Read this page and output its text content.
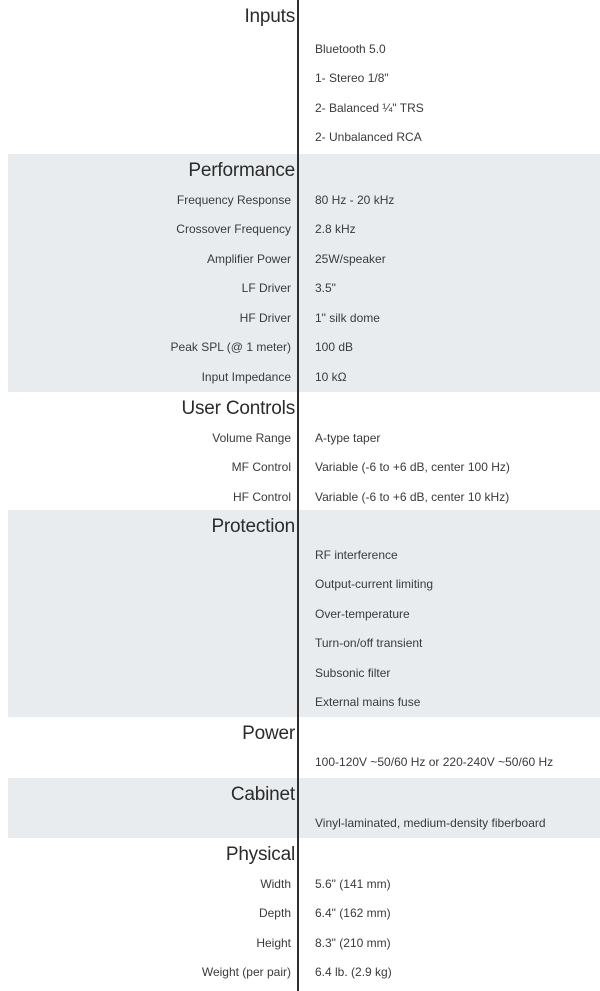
Inputs
Bluetooth 5.0
1- Stereo 1/8"
2- Balanced ¼" TRS
2- Unbalanced RCA
Performance
Frequency Response 80 Hz - 20 kHz
Crossover Frequency 2.8 kHz
Amplifier Power 25W/speaker
LF Driver 3.5"
HF Driver 1" silk dome
Peak SPL (@ 1 meter) 100 dB
Input Impedance 10 kΩ
User Controls
Volume Range A-type taper
MF Control Variable (-6 to +6 dB, center 100 Hz)
HF Control Variable (-6 to +6 dB, center 10 kHz)
Protection
RF interference
Output-current limiting
Over-temperature
Turn-on/off transient
Subsonic filter
External mains fuse
Power
100-120V ~50/60 Hz or 220-240V ~50/60 Hz
Cabinet
Vinyl-laminated, medium-density fiberboard
Physical
Width 5.6" (141 mm)
Depth 6.4" (162 mm)
Height 8.3" (210 mm)
Weight (per pair) 6.4 lb. (2.9 kg)
